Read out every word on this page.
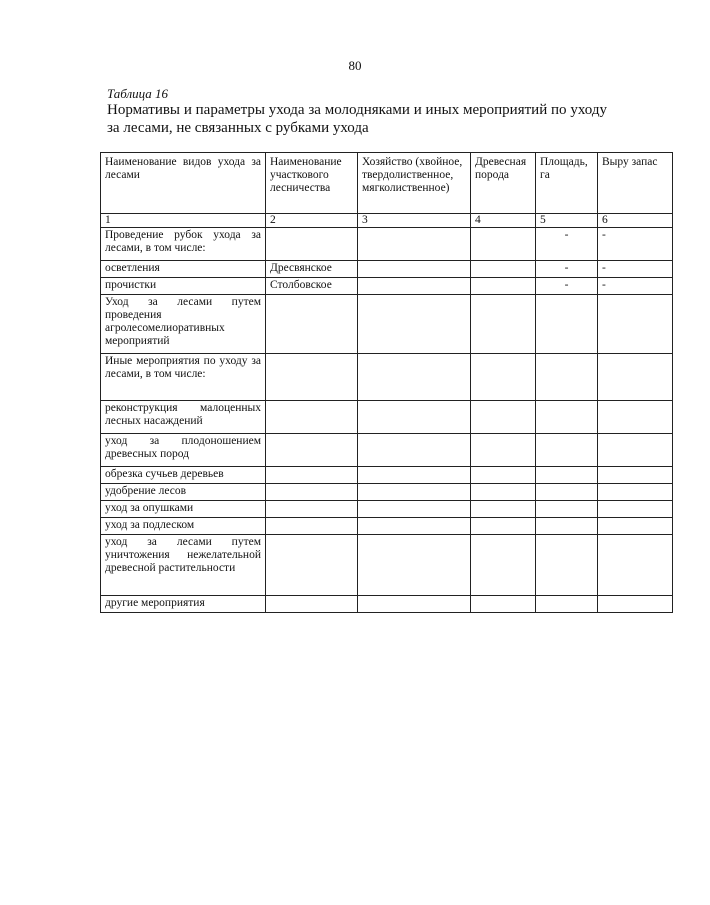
80
Таблица 16
Нормативы и параметры ухода за молодняками и иных мероприятий по уходу за лесами, не связанных с рубками ухода
Наименование видов ухода за лесами	Наименование участкового лесничества	Хозяйство (хвойное, твердолиственное, мягколиственное)	Древесная порода	Площадь, га	Выру запас
1	2	3	4	5	6
Проведение рубок ухода за лесами, в том числе:				-	-
осветления	Дресвянское			-	-
прочистки	Столбовское			-	-
Уход за лесами путем проведения агролесомелиоративных мероприятий					
Иные мероприятия по уходу за лесами, в том числе:					
реконструкция малоценных лесных насаждений					
уход за плодоношением древесных пород					
обрезка сучьев деревьев					
удобрение лесов					
уход за опушками					
уход за подлеском					
уход за лесами путем уничтожения нежелательной древесной растительности					
другие мероприятия					
